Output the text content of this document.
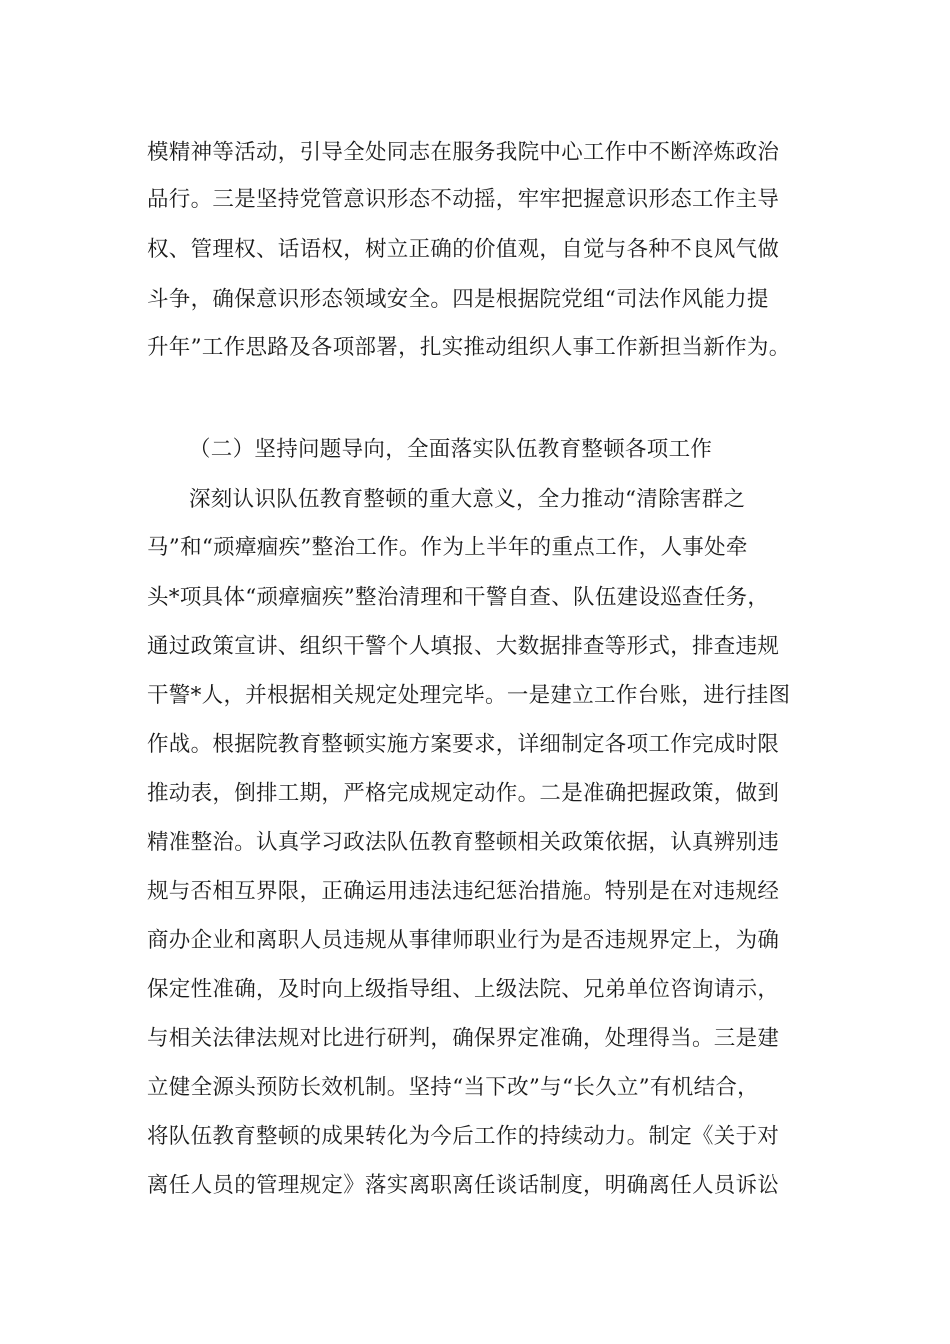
模精神等活动，引导全处同志在服务我院中心工作中不断淬炼政治
品行。三是坚持党管意识形态不动摇，牢牢把握意识形态工作主导
权、管理权、话语权，树立正确的价值观，自觉与各种不良风气做
斗争，确保意识形态领域安全。四是根据院党组“司法作风能力提
升年”工作思路及各项部署，扎实推动组织人事工作新担当新作为。
（二）坚持问题导向，全面落实队伍教育整顿各项工作
深刻认识队伍教育整顿的重大意义，全力推动“清除害群之
马”和“顽瘴痼疾”整治工作。作为上半年的重点工作，人事处牵
头*项具体“顽瘴痼疾”整治清理和干警自查、队伍建设巡查任务，
通过政策宣讲、组织干警个人填报、大数据排查等形式，排查违规
干警*人，并根据相关规定处理完毕。一是建立工作台账，进行挂图
作战。根据院教育整顿实施方案要求，详细制定各项工作完成时限
推动表，倒排工期，严格完成规定动作。二是准确把握政策，做到
精准整治。认真学习政法队伍教育整顿相关政策依据，认真辨别违
规与否相互界限，正确运用违法违纪惩治措施。特别是在对违规经
商办企业和离职人员违规从事律师职业行为是否违规界定上，为确
保定性准确，及时向上级指导组、上级法院、兄弟单位咨询请示，
与相关法律法规对比进行研判，确保界定准确，处理得当。三是建
立健全源头预防长效机制。坚持“当下改”与“长久立”有机结合，
将队伍教育整顿的成果转化为今后工作的持续动力。制定《关于对
离任人员的管理规定》落实离职离任谈话制度，明确离任人员诉讼
